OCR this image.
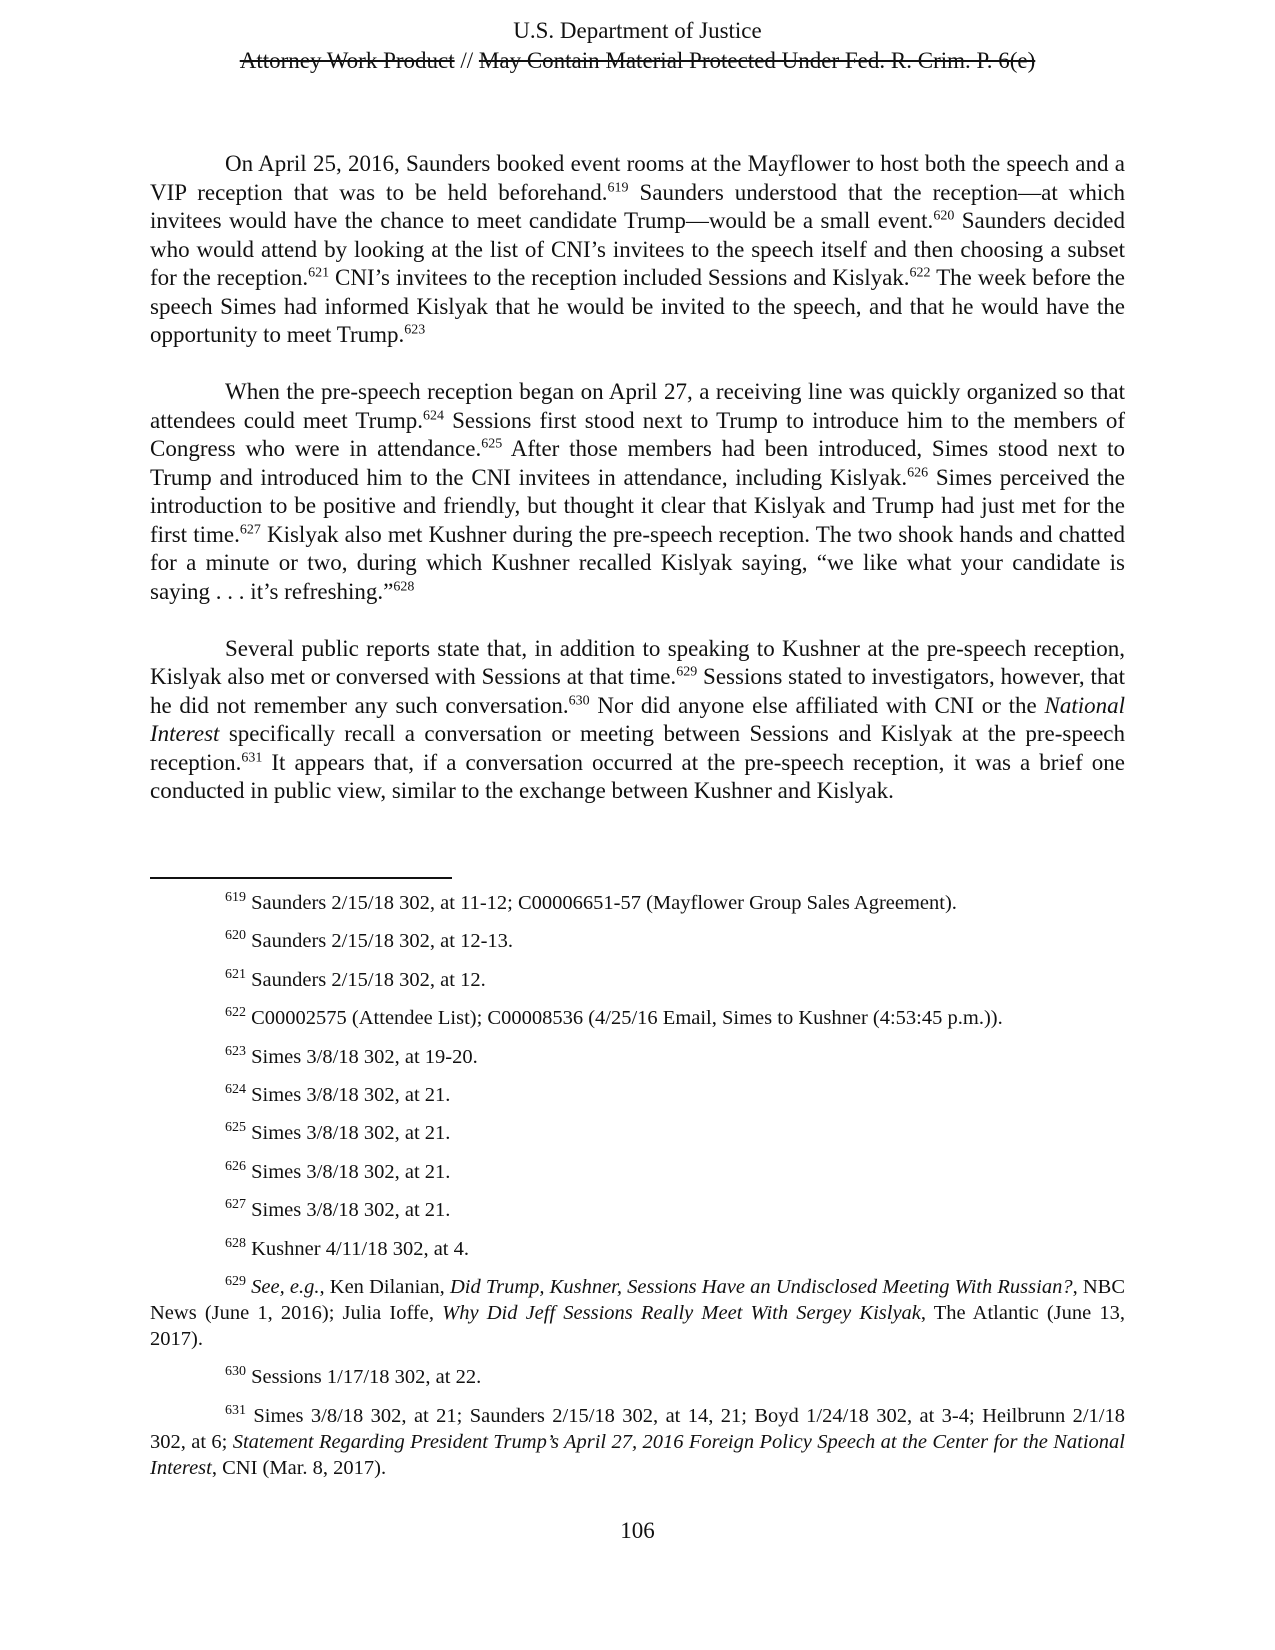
U.S. Department of Justice
Attorney Work Product // May Contain Material Protected Under Fed. R. Crim. P. 6(e)

On April 25, 2016, Saunders booked event rooms at the Mayflower to host both the speech and a VIP reception that was to be held beforehand.$^{619}$ Saunders understood that the reception—at which invitees would have the chance to meet candidate Trump—would be a small event.$^{620}$ Saunders decided who would attend by looking at the list of CNI’s invitees to the speech itself and then choosing a subset for the reception.$^{621}$ CNI’s invitees to the reception included Sessions and Kislyak.$^{622}$ The week before the speech Simes had informed Kislyak that he would be invited to the speech, and that he would have the opportunity to meet Trump.$^{623}$

When the pre-speech reception began on April 27, a receiving line was quickly organized so that attendees could meet Trump.$^{624}$ Sessions first stood next to Trump to introduce him to the members of Congress who were in attendance.$^{625}$ After those members had been introduced, Simes stood next to Trump and introduced him to the CNI invitees in attendance, including Kislyak.$^{626}$ Simes perceived the introduction to be positive and friendly, but thought it clear that Kislyak and Trump had just met for the first time.$^{627}$ Kislyak also met Kushner during the pre-speech reception. The two shook hands and chatted for a minute or two, during which Kushner recalled Kislyak saying, “we like what your candidate is saying . . . it’s refreshing.”$^{628}$

Several public reports state that, in addition to speaking to Kushner at the pre-speech reception, Kislyak also met or conversed with Sessions at that time.$^{629}$ Sessions stated to investigators, however, that he did not remember any such conversation.$^{630}$ Nor did anyone else affiliated with CNI or the National Interest specifically recall a conversation or meeting between Sessions and Kislyak at the pre-speech reception.$^{631}$ It appears that, if a conversation occurred at the pre-speech reception, it was a brief one conducted in public view, similar to the exchange between Kushner and Kislyak.

$^{619}$ Saunders 2/15/18 302, at 11-12; C00006651-57 (Mayflower Group Sales Agreement).
$^{620}$ Saunders 2/15/18 302, at 12-13.
$^{621}$ Saunders 2/15/18 302, at 12.
$^{622}$ C00002575 (Attendee List); C00008536 (4/25/16 Email, Simes to Kushner (4:53:45 p.m.)).
$^{623}$ Simes 3/8/18 302, at 19-20.
$^{624}$ Simes 3/8/18 302, at 21.
$^{625}$ Simes 3/8/18 302, at 21.
$^{626}$ Simes 3/8/18 302, at 21.
$^{627}$ Simes 3/8/18 302, at 21.
$^{628}$ Kushner 4/11/18 302, at 4.
$^{629}$ See, e.g., Ken Dilanian, Did Trump, Kushner, Sessions Have an Undisclosed Meeting With Russian?, NBC News (June 1, 2016); Julia Ioffe, Why Did Jeff Sessions Really Meet With Sergey Kislyak, The Atlantic (June 13, 2017).
$^{630}$ Sessions 1/17/18 302, at 22.
$^{631}$ Simes 3/8/18 302, at 21; Saunders 2/15/18 302, at 14, 21; Boyd 1/24/18 302, at 3-4; Heilbrunn 2/1/18 302, at 6; Statement Regarding President Trump’s April 27, 2016 Foreign Policy Speech at the Center for the National Interest, CNI (Mar. 8, 2017).
106
